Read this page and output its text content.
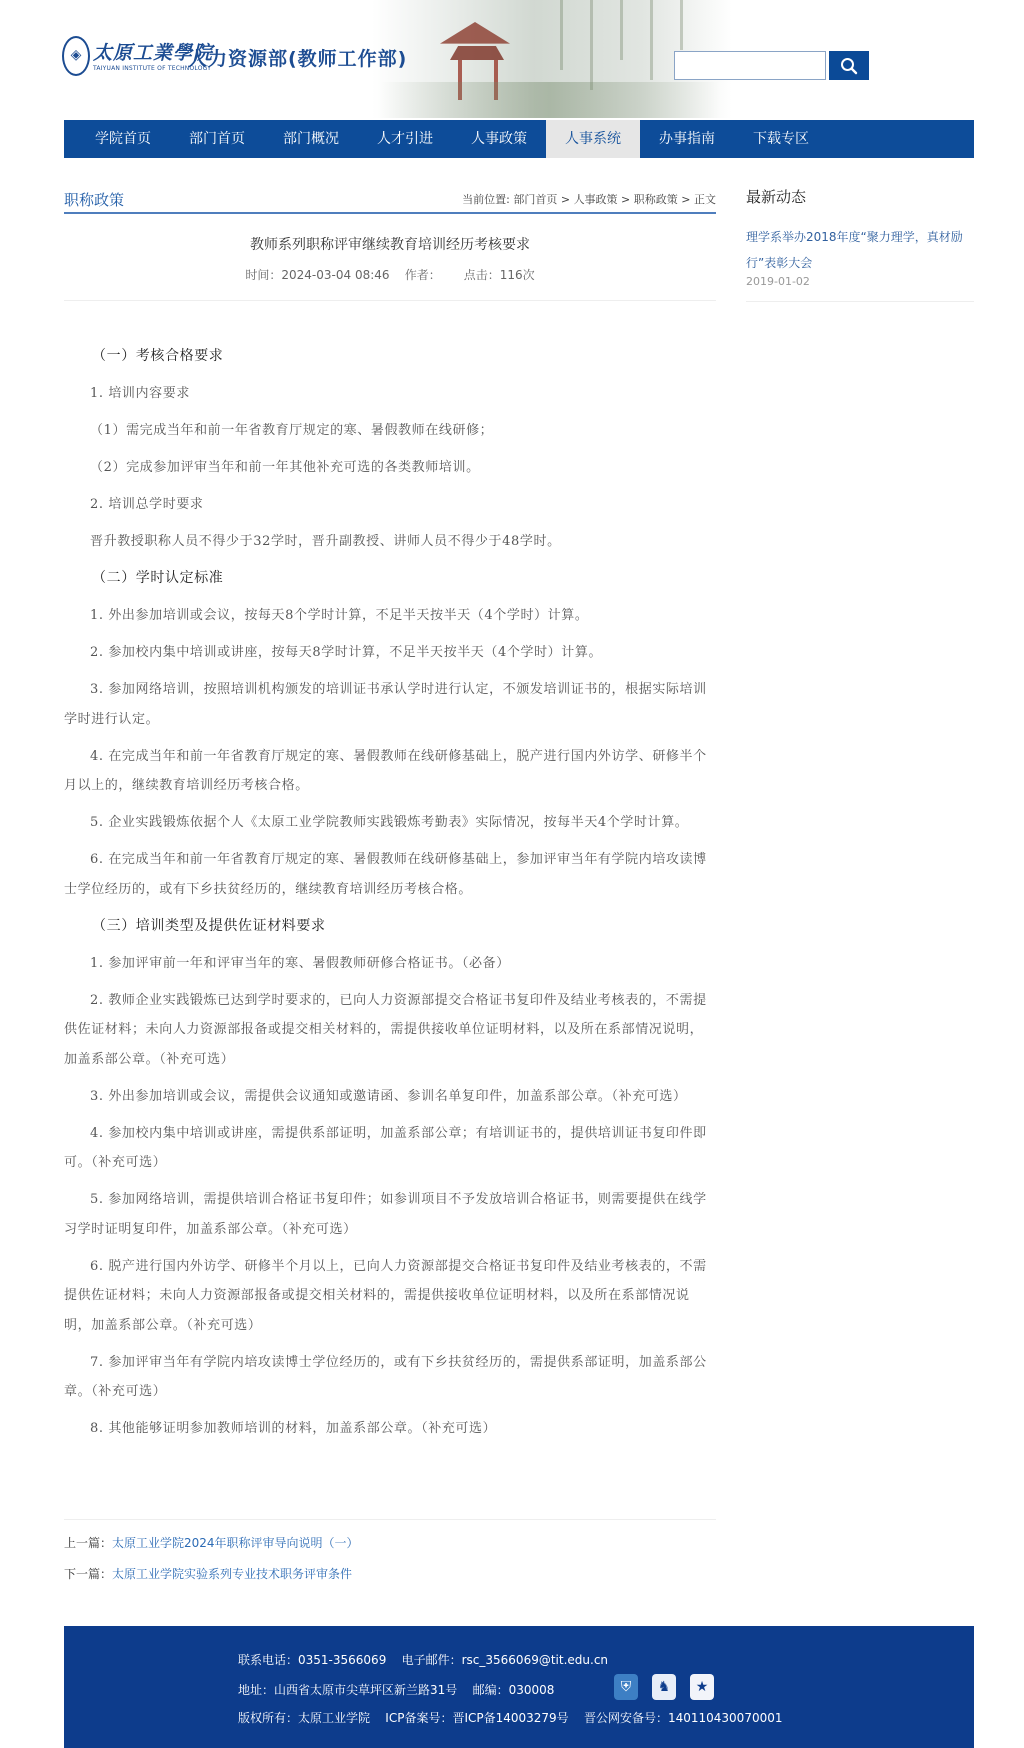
◈ 太原工業學院
TAIYUAN INSTITUTE OF TECHNOLOGY
人力资源部(教师工作部)
学院首页	部门首页	部门概况	人才引进	人事政策	人事系统	办事指南	下载专区
职称政策	当前位置: 部门首页 > 人事政策 > 职称政策 > 正文
教师系列职称评审继续教育培训经历考核要求
时间：2024-03-04 08:46 作者： 点击：116次

（一）考核合格要求

1. 培训内容要求

（1）需完成当年和前一年省教育厅规定的寒、暑假教师在线研修；

（2）完成参加评审当年和前一年其他补充可选的各类教师培训。

2. 培训总学时要求

晋升教授职称人员不得少于32学时，晋升副教授、讲师人员不得少于48学时。

（二）学时认定标准

1. 外出参加培训或会议，按每天8个学时计算，不足半天按半天（4个学时）计算。

2. 参加校内集中培训或讲座，按每天8学时计算，不足半天按半天（4个学时）计算。

3. 参加网络培训，按照培训机构颁发的培训证书承认学时进行认定，不颁发培训证书的，根据实际培训学时进行认定。

4. 在完成当年和前一年省教育厅规定的寒、暑假教师在线研修基础上，脱产进行国内外访学、研修半个月以上的，继续教育培训经历考核合格。

5. 企业实践锻炼依据个人《太原工业学院教师实践锻炼考勤表》实际情况，按每半天4个学时计算。

6. 在完成当年和前一年省教育厅规定的寒、暑假教师在线研修基础上，参加评审当年有学院内培攻读博士学位经历的，或有下乡扶贫经历的，继续教育培训经历考核合格。

（三）培训类型及提供佐证材料要求

1. 参加评审前一年和评审当年的寒、暑假教师研修合格证书。（必备）

2. 教师企业实践锻炼已达到学时要求的，已向人力资源部提交合格证书复印件及结业考核表的，不需提供佐证材料；未向人力资源部报备或提交相关材料的，需提供接收单位证明材料，以及所在系部情况说明，加盖系部公章。（补充可选）

3. 外出参加培训或会议，需提供会议通知或邀请函、参训名单复印件，加盖系部公章。（补充可选）

4. 参加校内集中培训或讲座，需提供系部证明，加盖系部公章；有培训证书的，提供培训证书复印件即可。（补充可选）

5. 参加网络培训，需提供培训合格证书复印件；如参训项目不予发放培训合格证书，则需要提供在线学习学时证明复印件，加盖系部公章。（补充可选）

6. 脱产进行国内外访学、研修半个月以上，已向人力资源部提交合格证书复印件及结业考核表的，不需提供佐证材料；未向人力资源部报备或提交相关材料的，需提供接收单位证明材料，以及所在系部情况说明，加盖系部公章。（补充可选）

7. 参加评审当年有学院内培攻读博士学位经历的，或有下乡扶贫经历的，需提供系部证明，加盖系部公章。（补充可选）

8. 其他能够证明参加教师培训的材料，加盖系部公章。（补充可选）

上一篇：太原工业学院2024年职称评审导向说明（一）
下一篇：太原工业学院实验系列专业技术职务评审条件
最新动态
理学系举办2018年度“聚力理学，真材励行”表彰大会
2019-01-02
联系电话：0351-3566069 电子邮件：rsc_3566069@tit.edu.cn
地址：山西省太原市尖草坪区新兰路31号 邮编：030008
版权所有：太原工业学院 ICP备案号：晋ICP备14003279号 晋公网安备号：140110430070001
⛨	♞	★
